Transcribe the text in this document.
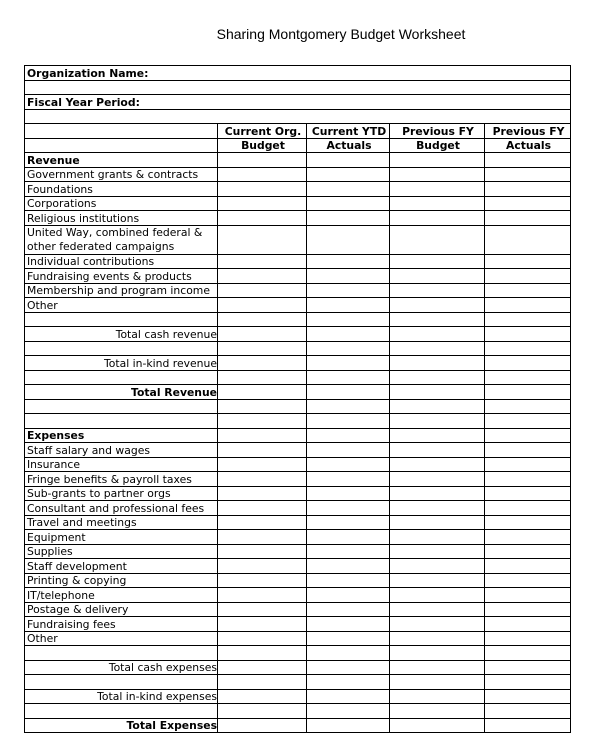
Sharing Montgomery Budget Worksheet
Organization Name:				

Fiscal Year Period:				

	Current Org.	Current YTD	Previous FY	Previous FY
	Budget	Actuals	Budget	Actuals
Revenue				
Government grants & contracts				
Foundations				
Corporations				
Religious institutions				
United Way, combined federal & other federated campaigns				
Individual contributions				
Fundraising events & products				
Membership and program income				
Other				

Total cash revenue				

Total in-kind revenue				

Total Revenue				

Expenses				
Staff salary and wages				
Insurance				
Fringe benefits & payroll taxes				
Sub-grants to partner orgs				
Consultant and professional fees				
Travel and meetings				
Equipment				
Supplies				
Staff development				
Printing & copying				
IT/telephone				
Postage & delivery				
Fundraising fees				
Other				

Total cash expenses				

Total in-kind expenses				

Total Expenses				
